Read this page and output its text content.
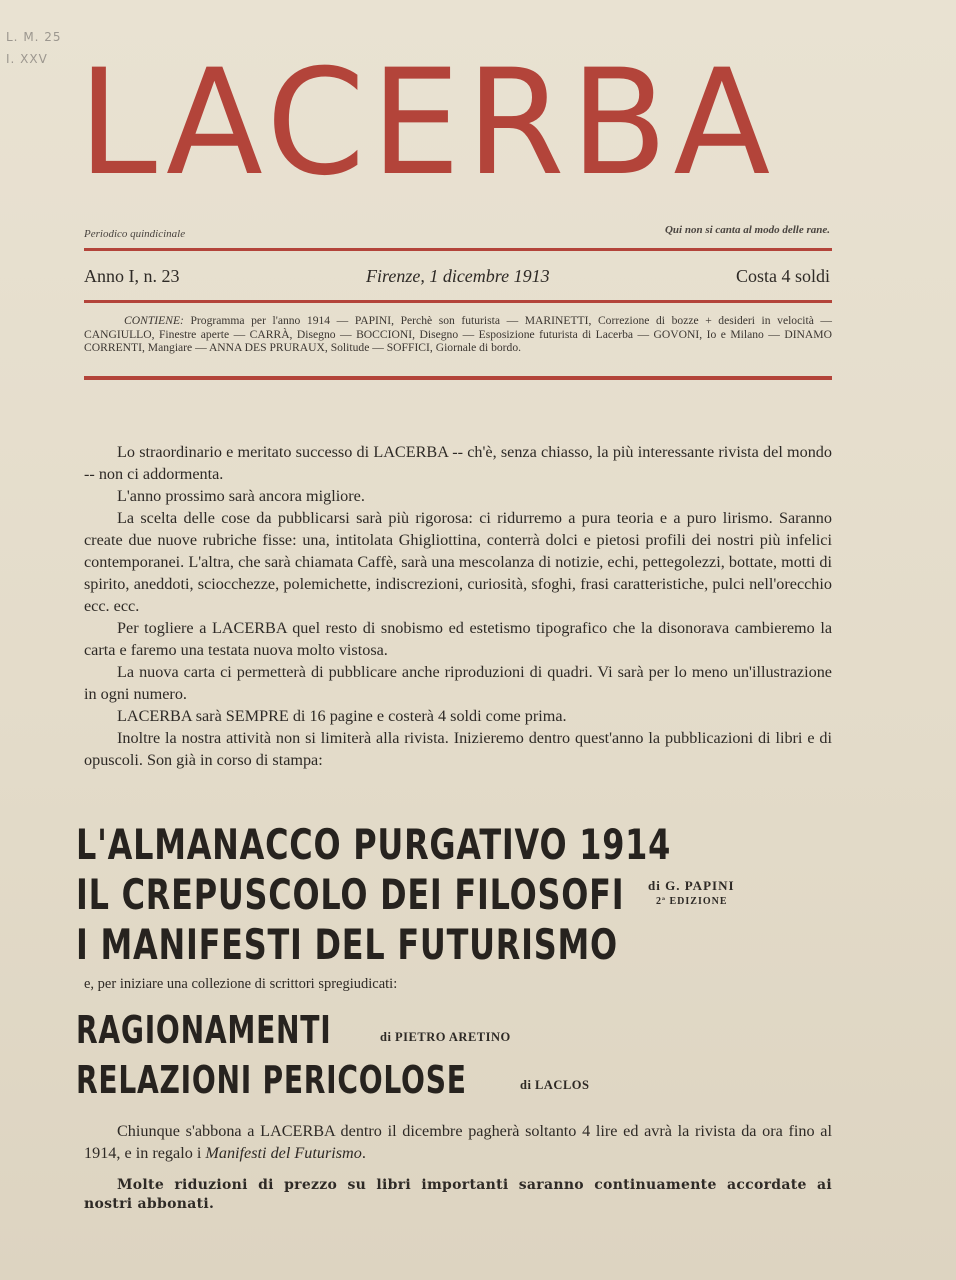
L. M. 25
I. XXV LACERBA
Periodico quindicinale	Qui non si canta al modo delle rane.
Anno I, n. 23	Firenze, 1 dicembre 1913	Costa 4 soldi
CONTIENE: Programma per l'anno 1914 — PAPINI, Perchè son futurista — MARINETTI, Correzione di bozze + desideri in velocità — CANGIULLO, Finestre aperte — CARRÀ, Disegno — BOCCIONI, Disegno — Esposizione futurista di Lacerba — GOVONI, Io e Milano — DINAMO CORRENTI, Mangiare — ANNA DES PRURAUX, Solitude — SOFFICI, Giornale di bordo.

Lo straordinario e meritato successo di LACERBA -- ch'è, senza chiasso, la più interessante rivista del mondo -- non ci addormenta.

L'anno prossimo sarà ancora migliore.

La scelta delle cose da pubblicarsi sarà più rigorosa: ci ridurremo a pura teoria e a puro lirismo. Saranno create due nuove rubriche fisse: una, intitolata Ghigliottina, conterrà dolci e pietosi profili dei nostri più infelici contemporanei. L'altra, che sarà chiamata Caffè, sarà una mescolanza di notizie, echi, pettegolezzi, bottate, motti di spirito, aneddoti, sciocchezze, polemichette, indiscrezioni, curiosità, sfoghi, frasi caratteristiche, pulci nell'orecchio ecc. ecc.

Per togliere a LACERBA quel resto di snobismo ed estetismo tipografico che la disonorava cambieremo la carta e faremo una testata nuova molto vistosa.

La nuova carta ci permetterà di pubblicare anche riproduzioni di quadri. Vi sarà per lo meno un'illustrazione in ogni numero.

LACERBA sarà SEMPRE di 16 pagine e costerà 4 soldi come prima.

Inoltre la nostra attività non si limiterà alla rivista. Inizieremo dentro quest'anno la pubblicazioni di libri e di opuscoli. Son già in corso di stampa:

L'ALMANACCO PURGATIVO 1914
IL CREPUSCOLO DEI FILOSOFI di G. PAPINI
2ª EDIZIONE
I MANIFESTI DEL FUTURISMO
e, per iniziare una collezione di scrittori spregiudicati:
RAGIONAMENTI	di PIETRO ARETINO
RELAZIONI PERICOLOSE	di LACLOS

Chiunque s'abbona a LACERBA dentro il dicembre pagherà soltanto 4 lire ed avrà la rivista da ora fino al 1914, e in regalo i Manifesti del Futurismo.

Molte riduzioni di prezzo su libri importanti saranno continuamente accordate ai nostri abbonati.
